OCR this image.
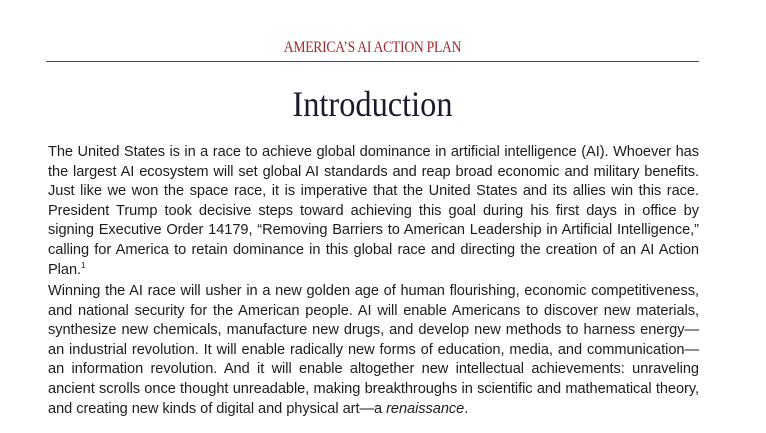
AMERICA’S AI ACTION PLAN
Introduction

The United States is in a race to achieve global dominance in artificial intelligence (AI). Whoever has the largest AI ecosystem will set global AI standards and reap broad economic and military benefits. Just like we won the space race, it is imperative that the United States and its allies win this race. President Trump took decisive steps toward achieving this goal during his first days in office by signing Executive Order 14179, “Removing Barriers to American Leadership in Artificial Intelligence,” calling for America to retain dominance in this global race and directing the creation of an AI Action Plan.$^1$

Winning the AI race will usher in a new golden age of human flourishing, economic competitiveness, and national security for the American people. AI will enable Americans to discover new materials, synthesize new chemicals, manufacture new drugs, and develop new methods to harness energy—an industrial revolution. It will enable radically new forms of education, media, and communication—an information revolution. And it will enable altogether new intellectual achievements: unraveling ancient scrolls once thought unreadable, making breakthroughs in scientific and mathematical theory, and creating new kinds of digital and physical art—a renaissance.
